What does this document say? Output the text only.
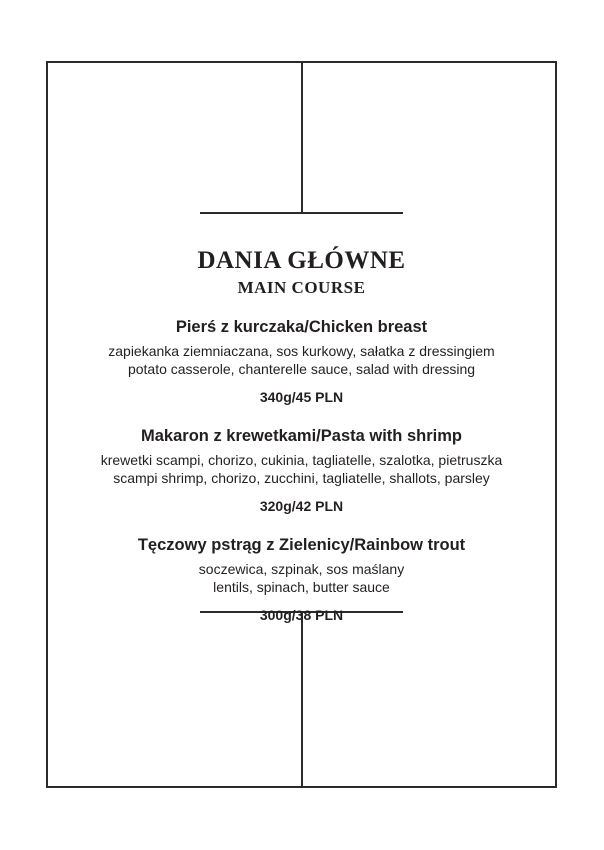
DANIA GŁÓWNE
MAIN COURSE
Pierś z kurczaka/Chicken breast
zapiekanka ziemniaczana, sos kurkowy, sałatka z dressingiem
potato casserole, chanterelle sauce, salad with dressing
340g/45 PLN
Makaron z krewetkami/Pasta with shrimp
krewetki scampi, chorizo, cukinia, tagliatelle, szalotka, pietruszka
scampi shrimp, chorizo, zucchini, tagliatelle, shallots, parsley
320g/42 PLN
Tęczowy pstrąg z Zielenicy/Rainbow trout
soczewica, szpinak, sos maślany
lentils, spinach, butter sauce
300g/38 PLN
